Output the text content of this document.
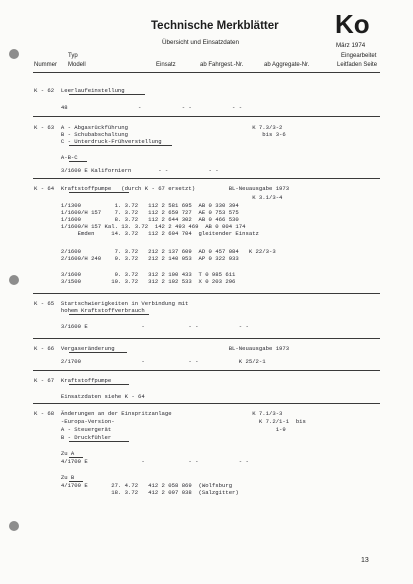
Technische Merkblätter
Übersicht und Einsatzdaten
Ko
März 1974
Typ	Eingearbeitet
Nummer Modell	Einsatz	ab Fahrgest.-Nr.	ab Aggregate-Nr.	Leitfaden Seite
K - 62  Leerlaufeinstellung
48                     -            - -            - -
K - 63  A - Abgasrückführung                                     K 7.3/3-2
B - Schubabschaltung                                        bis 3-6
C - Unterdruck-Frühverstellung
A-B-C
3/1600 E Kaliforniern        - -            - -
K - 64  Kraftstoffpumpe   (durch K - 67 ersetzt)          BL-Neuausgabe 1973
K 3.1/3-4
1/1300          1. 3.72   112 2 581 695  AB 0 330 394
1/1600/H 157    7. 3.72   112 2 659 727  AE 0 753 575
1/1600          8. 3.72   112 2 644 302  AB 0 466 530
1/1600/H 157 Kal. 13. 3.72  142 2 493 469  AB 0 004 174
Emden     14. 3.72   112 2 604 704  gleitender Einsatz
2/1600          7. 3.72   212 2 137 609  AD 0 457 084   K 22/3-3
2/1600/H 240    9. 3.72   212 2 140 053  AP 0 322 933
3/1600          9. 3.72   312 2 100 433  T 0 985 611
3/1500         10. 3.72   312 2 102 533  X 0 203 296
K - 65  Startschwierigkeiten in Verbindung mit
hohem Kraftstoffverbrauch
3/1600 E                -             - -            - -
K - 66  Vergaseränderung                                  BL-Neuausgabe 1973
2/1700                  -             - -            K 25/2-1
K - 67  Kraftstoffpumpe
Einsatzdaten siehe K - 64
K - 68  Änderungen an der Einspritzanlage                        K 7.1/3-3
-Europa-Version-                                           K 7.2/1-1  bis
A - Steuergerät                                                 1-9
B - Druckfühler
Zu A
4/1700 E                -             - -            - -
Zu B
4/1700 E       27. 4.72   412 2 058 869  (Wolfsburg
18. 3.72   412 2 097 038  (Salzgitter)
13
